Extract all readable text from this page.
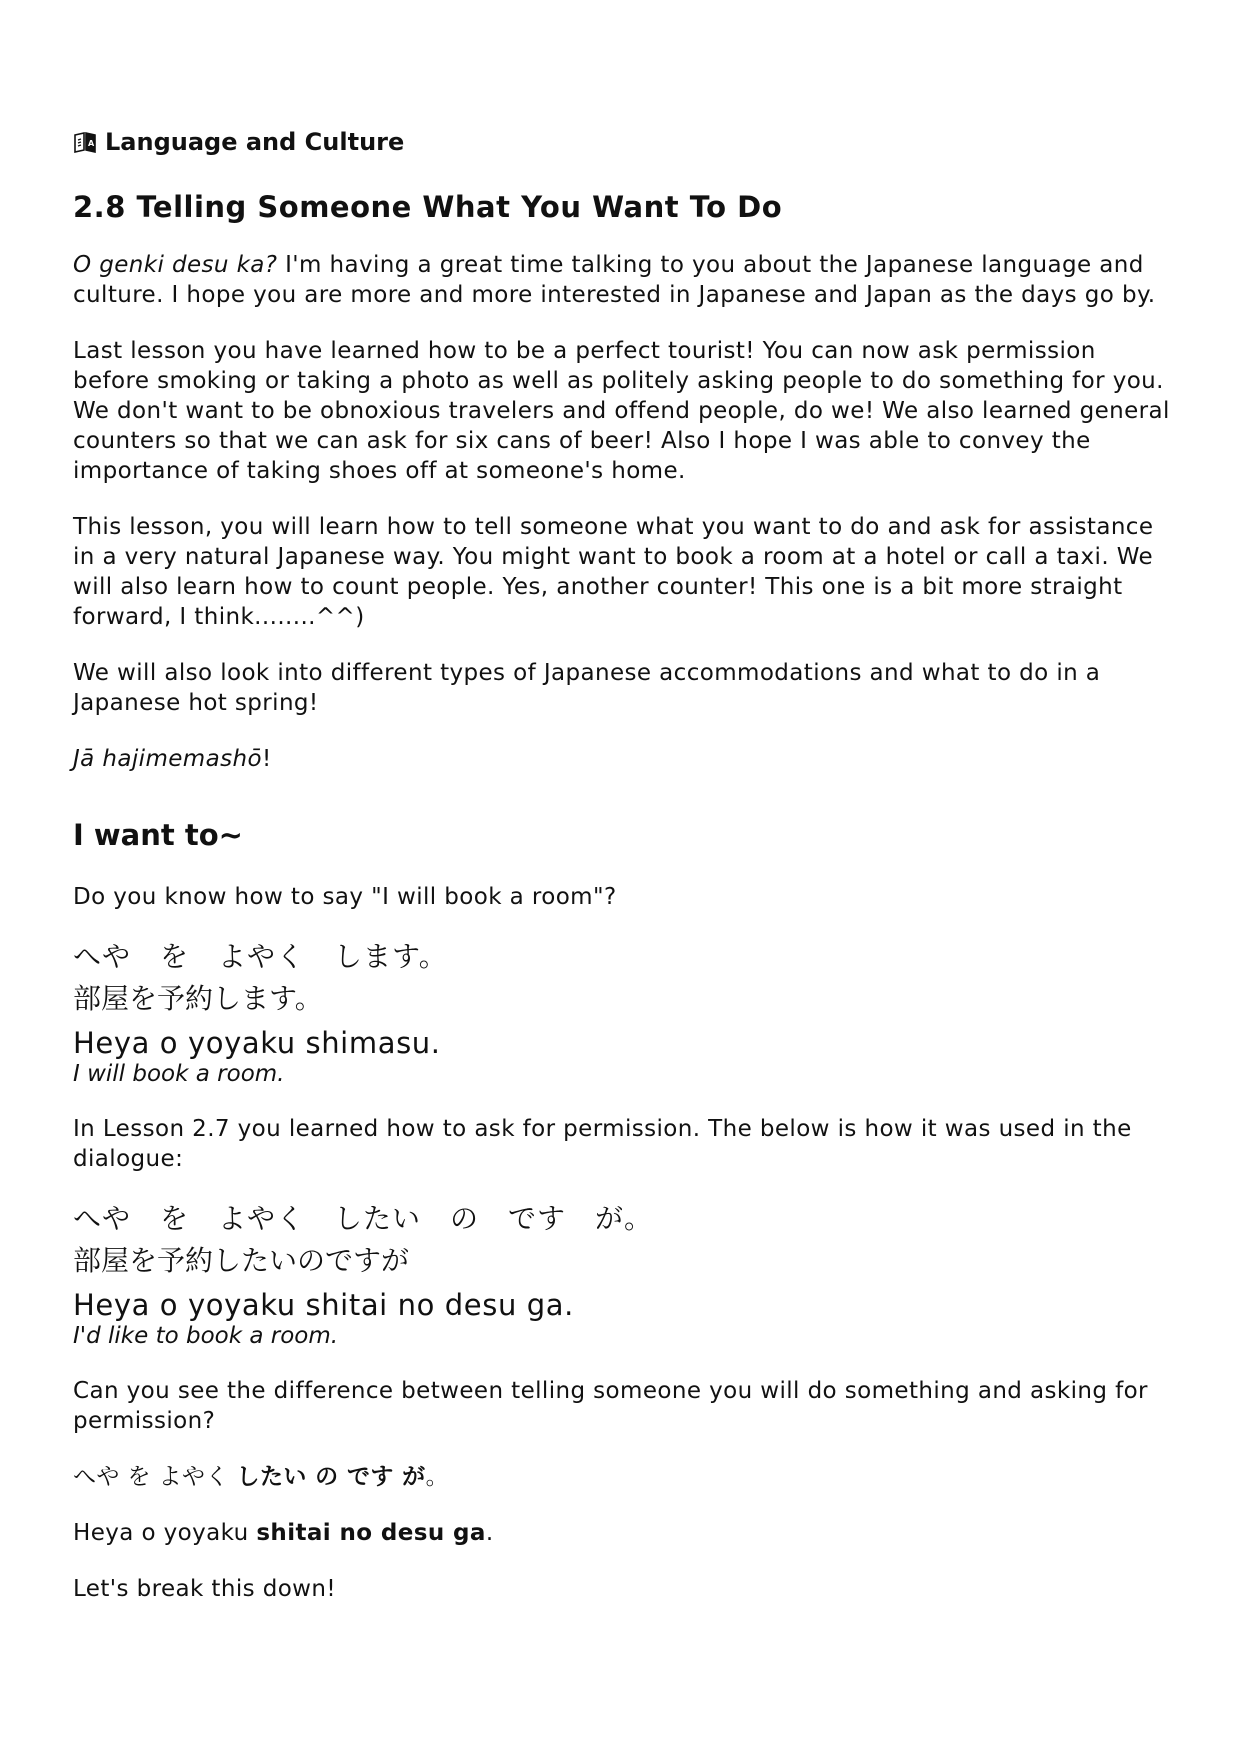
A Language and Culture
2.8 Telling Someone What You Want To Do

O genki desu ka? I'm having a great time talking to you about the Japanese language and culture. I hope you are more and more interested in Japanese and Japan as the days go by.

Last lesson you have learned how to be a perfect tourist! You can now ask permission before smoking or taking a photo as well as politely asking people to do something for you. We don't want to be obnoxious travelers and offend people, do we! We also learned general counters so that we can ask for six cans of beer! Also I hope I was able to convey the importance of taking shoes off at someone's home.

This lesson, you will learn how to tell someone what you want to do and ask for assistance in a very natural Japanese way. You might want to book a room at a hotel or call a taxi. We will also learn how to count people. Yes, another counter! This one is a bit more straight forward, I think........^^)

We will also look into different types of Japanese accommodations and what to do in a Japanese hot spring!

Jā hajimemashō!

I want to~

Do you know how to say "I will book a room"?

へや　を　よやく　します。
部屋を予約します。
Heya o yoyaku shimasu.
I will book a room.

In Lesson 2.7 you learned how to ask for permission. The below is how it was used in the dialogue:

へや　を　よやく　したい　の　です　が。
部屋を予約したいのですが
Heya o yoyaku shitai no desu ga.
I'd like to book a room.

Can you see the difference between telling someone you will do something and asking for permission?

へや を よやく したい の です が。

Heya o yoyaku shitai no desu ga.

Let's break this down!
